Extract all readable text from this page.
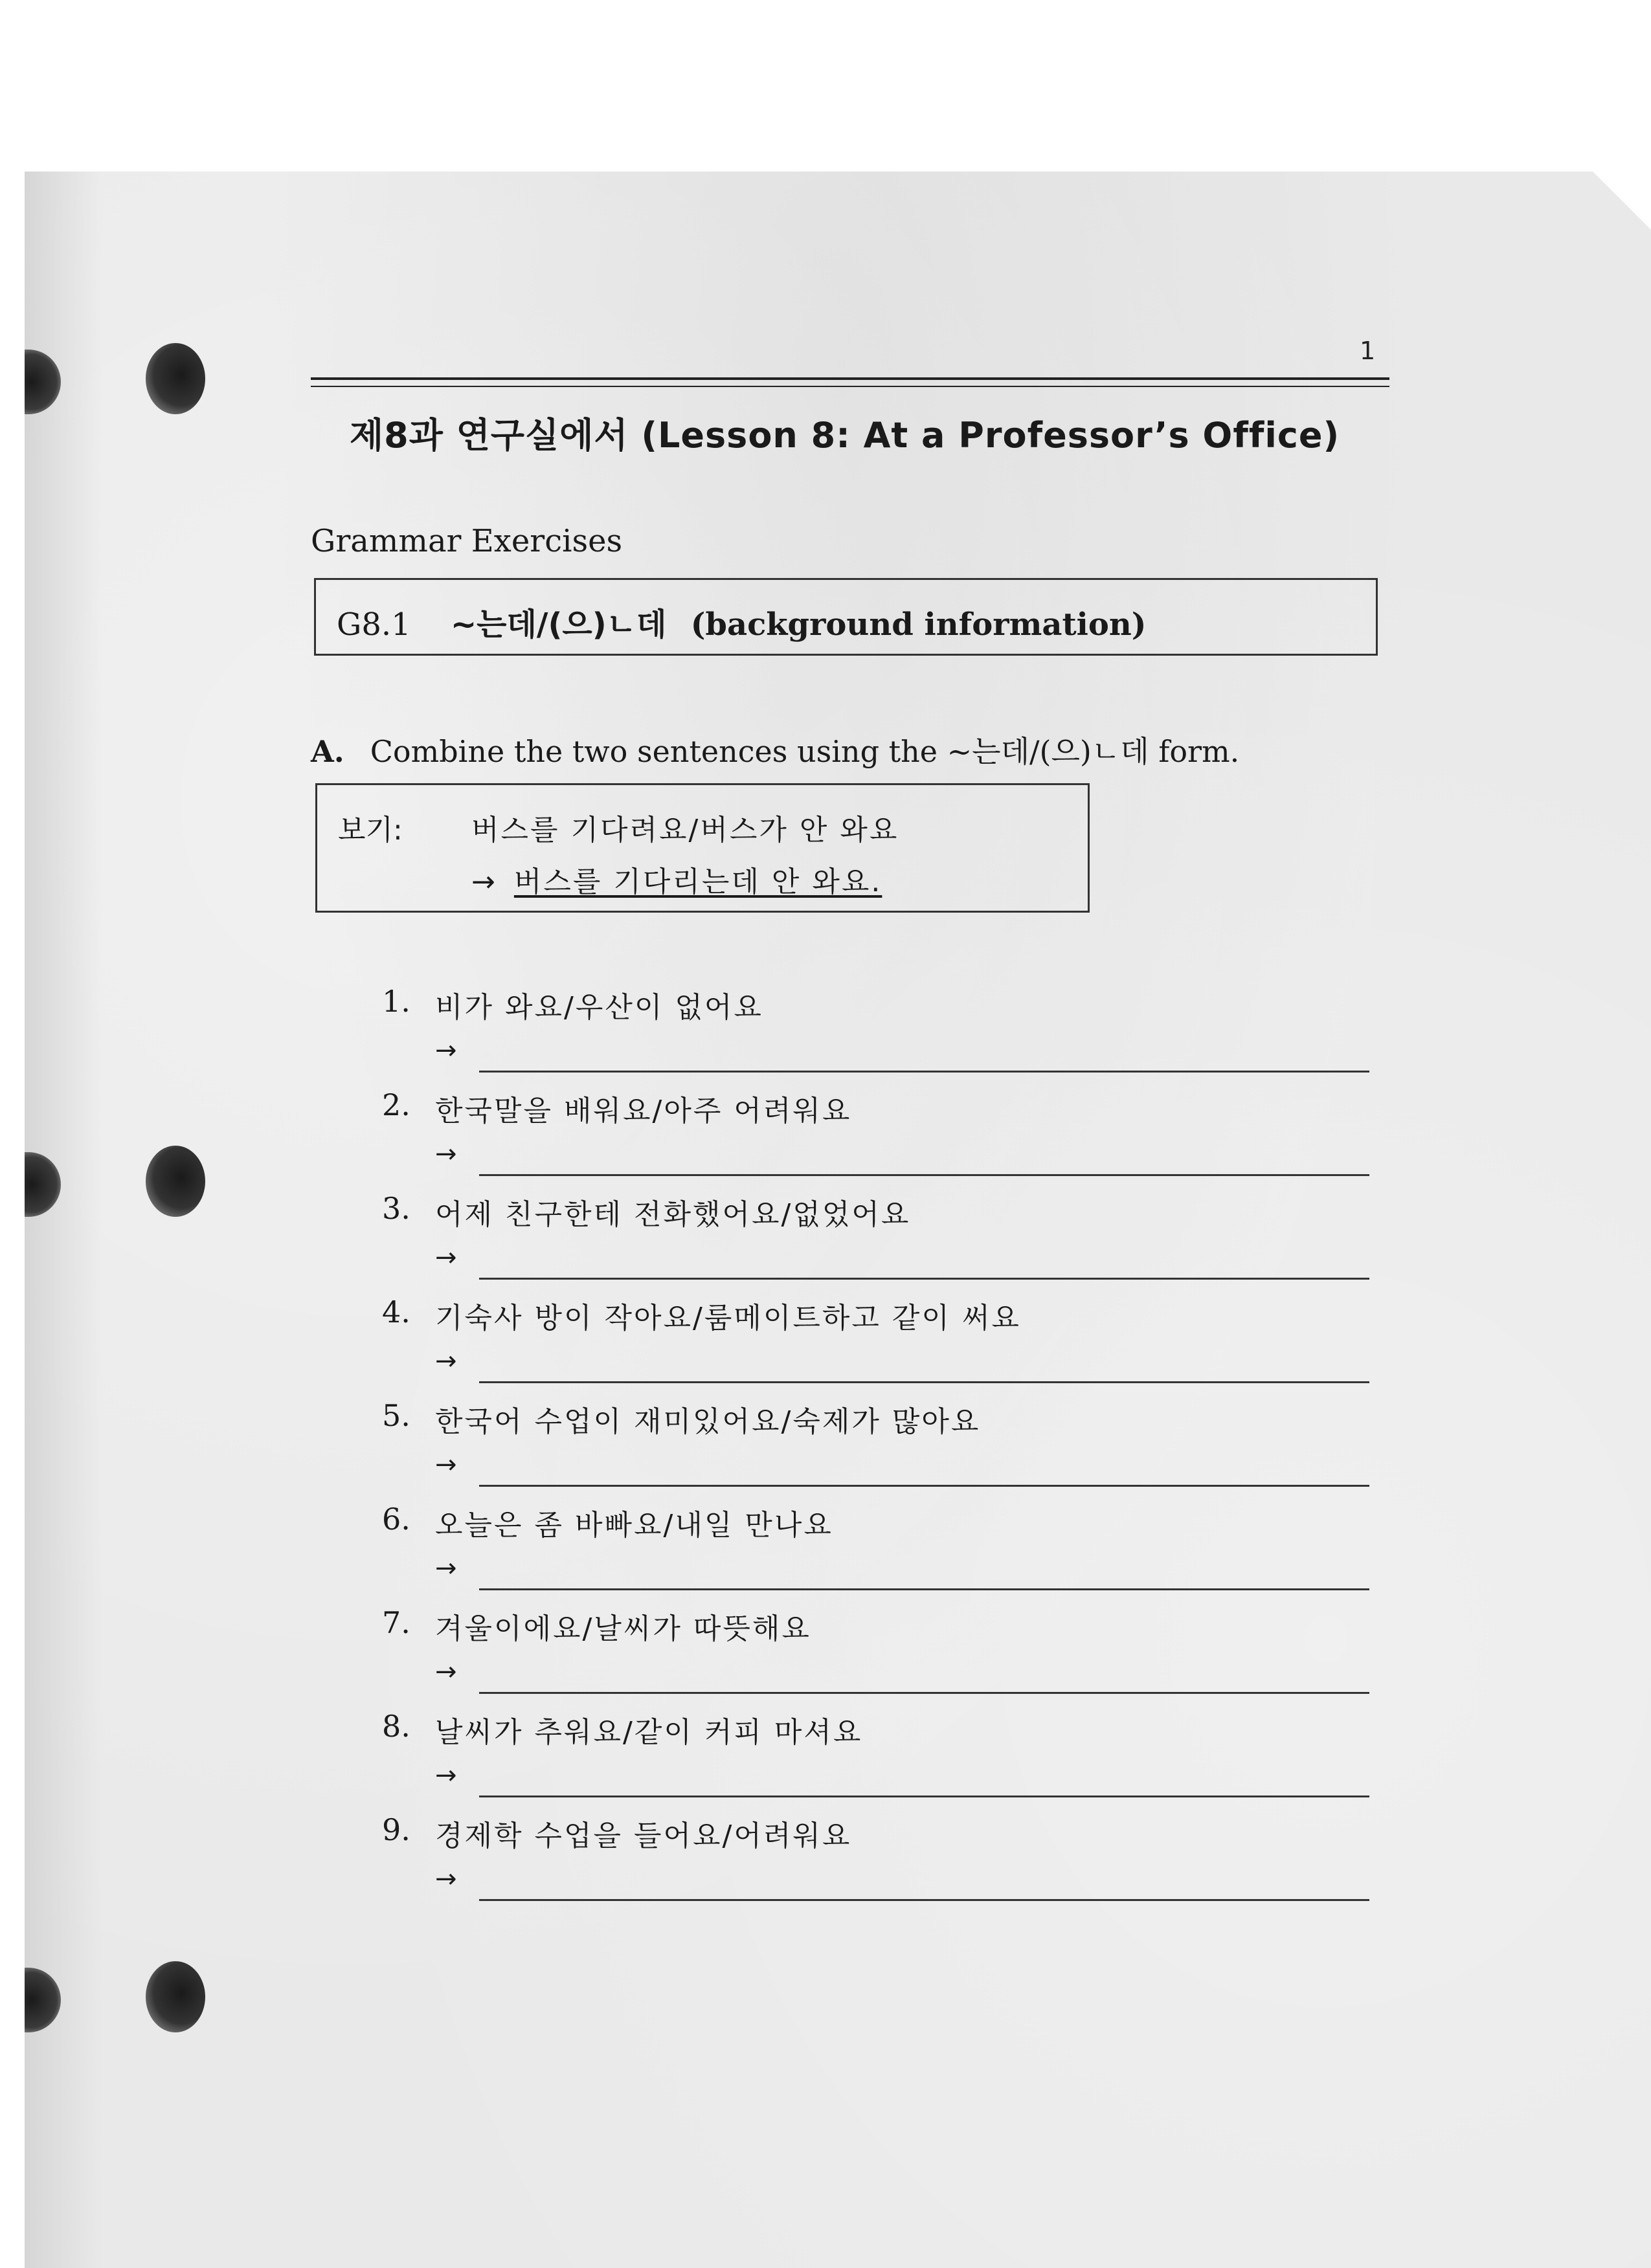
1
제8과 연구실에서 (Lesson 8: At a Professor’s Office)
Grammar Exercises
G8.1 ~는데/(으)ㄴ데 (background information)
A. Combine the two sentences using the ~는데/(으)ㄴ데 form.
보기: 버스를 기다려요/버스가 안 와요
→ 버스를 기다리는데 안 와요.
1. 비가 와요/우산이 없어요
→
2. 한국말을 배워요/아주 어려워요
→
3. 어제 친구한테 전화했어요/없었어요
→
4. 기숙사 방이 작아요/룸메이트하고 같이 써요
→
5. 한국어 수업이 재미있어요/숙제가 많아요
→
6. 오늘은 좀 바빠요/내일 만나요
→
7. 겨울이에요/날씨가 따뜻해요
→
8. 날씨가 추워요/같이 커피 마셔요
→
9. 경제학 수업을 들어요/어려워요
→
